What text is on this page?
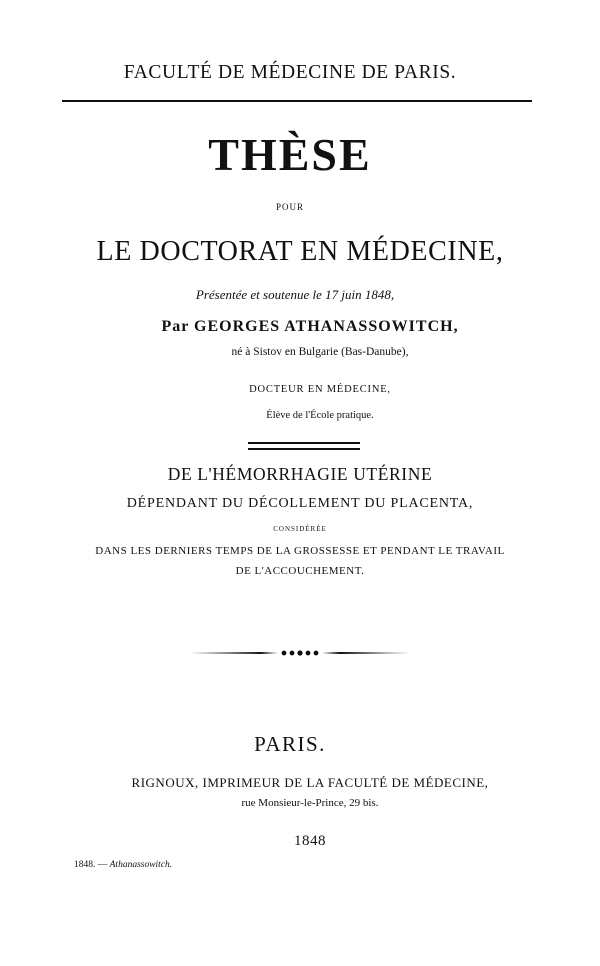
FACULTÉ DE MÉDECINE DE PARIS.
THÈSE
POUR
LE DOCTORAT EN MÉDECINE,
Présentée et soutenue le 17 juin 1848,
Par GEORGES ATHANASSOWITCH,
né à Sistov en Bulgarie (Bas-Danube),
DOCTEUR EN MÉDECINE,
Élève de l'École pratique.
DE L'HÉMORRHAGIE UTÉRINE
DÉPENDANT DU DÉCOLLEMENT DU PLACENTA,
CONSIDÉRÉE
DANS LES DERNIERS TEMPS DE LA GROSSESSE ET PENDANT LE TRAVAIL
DE L'ACCOUCHEMENT.
PARIS.
RIGNOUX, IMPRIMEUR DE LA FACULTÉ DE MÉDECINE,
rue Monsieur-le-Prince, 29 bis.
1848
1848. — Athanassowitch.
